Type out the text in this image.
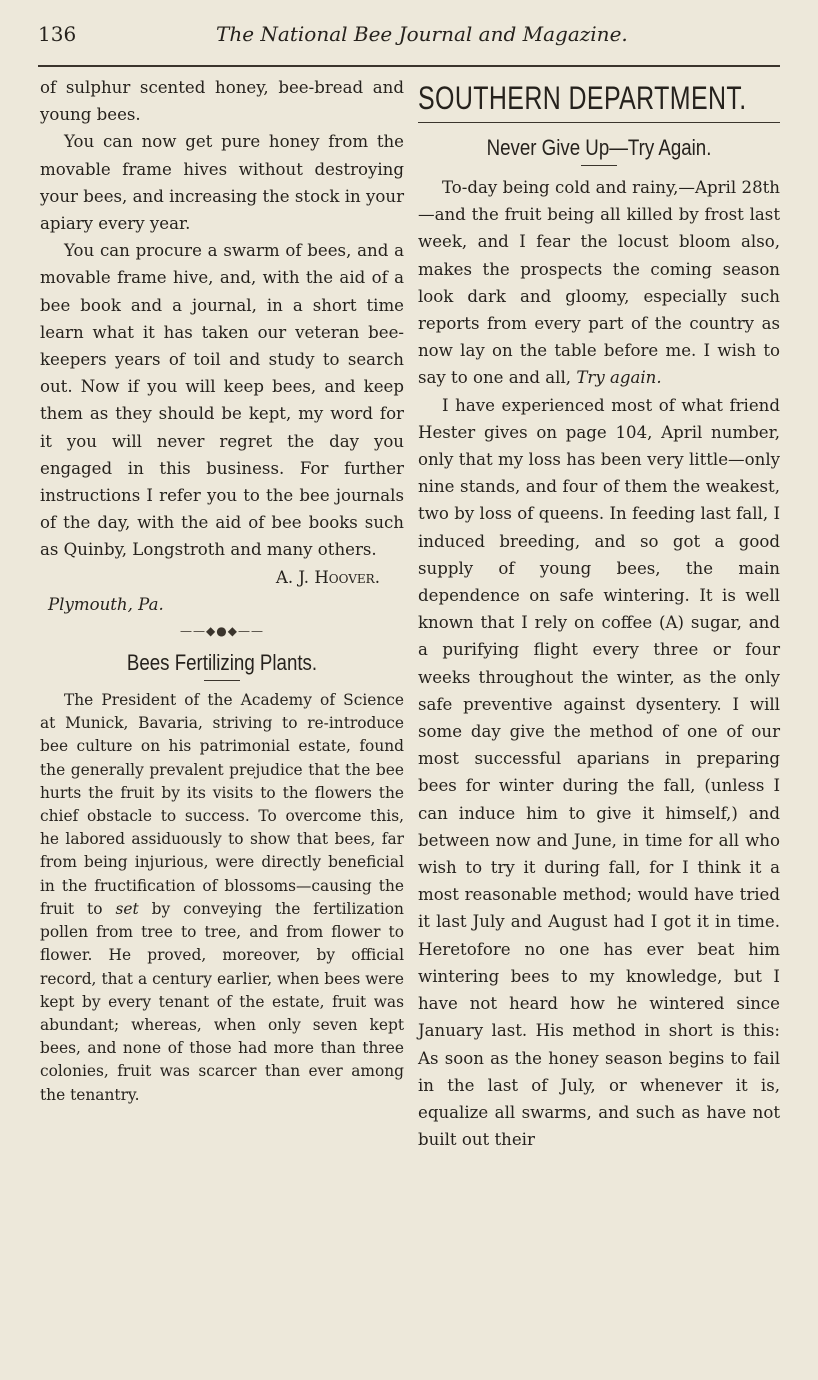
136	The National Bee Journal and Magazine.

of sulphur scented honey, bee-bread and young bees.

You can now get pure honey from the movable frame hives without destroying your bees, and increasing the stock in your apiary every year.

You can procure a swarm of bees, and a movable frame hive, and, with the aid of a bee book and a journal, in a short time learn what it has taken our veteran bee-keepers years of toil and study to search out. Now if you will keep bees, and keep them as they should be kept, my word for it you will never regret the day you engaged in this business. For further instructions I refer you to the bee journals of the day, with the aid of bee books such as Quinby, Longstroth and many others.

A. J. Hoover.
Plymouth, Pa.
——◆●◆——
Bees Fertilizing Plants.

The President of the Academy of Science at Munick, Bavaria, striving to re-introduce bee culture on his patrimonial estate, found the generally prevalent prejudice that the bee hurts the fruit by its visits to the flowers the chief obstacle to success. To overcome this, he labored assiduously to show that bees, far from being injurious, were directly beneficial in the fructification of blossoms—causing the fruit to set by conveying the fertilization pollen from tree to tree, and from flower to flower. He proved, moreover, by official record, that a century earlier, when bees were kept by every tenant of the estate, fruit was abundant; whereas, when only seven kept bees, and none of those had more than three colonies, fruit was scarcer than ever among the tenantry.

SOUTHERN DEPARTMENT.
Never Give Up—Try Again.

To-day being cold and rainy,—April 28th—and the fruit being all killed by frost last week, and I fear the locust bloom also, makes the prospects the coming season look dark and gloomy, especially such reports from every part of the country as now lay on the table before me. I wish to say to one and all, Try again.

I have experienced most of what friend Hester gives on page 104, April number, only that my loss has been very little—only nine stands, and four of them the weakest, two by loss of queens. In feeding last fall, I induced breeding, and so got a good supply of young bees, the main dependence on safe wintering. It is well known that I rely on coffee (A) sugar, and a purifying flight every three or four weeks throughout the winter, as the only safe preventive against dysentery. I will some day give the method of one of our most successful aparians in preparing bees for winter during the fall, (unless I can induce him to give it himself,) and between now and June, in time for all who wish to try it during fall, for I think it a most reasonable method; would have tried it last July and August had I got it in time. Heretofore no one has ever beat him wintering bees to my knowledge, but I have not heard how he wintered since January last. His method in short is this: As soon as the honey season begins to fail in the last of July, or whenever it is, equalize all swarms, and such as have not built out their
